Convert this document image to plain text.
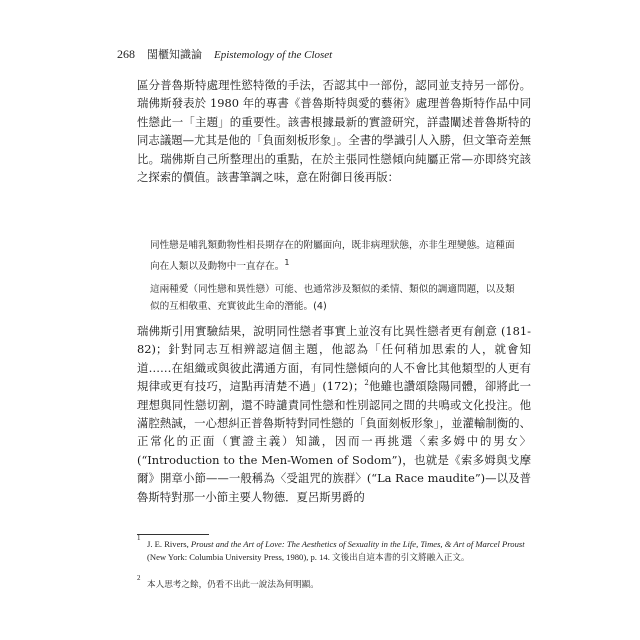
268 閨櫃知識論 Epistemology of the Closet

區分普魯斯特處理性慾特徵的手法，否認其中一部份，認同並支持另一部份。瑞佛斯發表於 1980 年的專書《普魯斯特與愛的藝術》處理普魯斯特作品中同性戀此一「主題」的重要性。該書根據最新的實證研究，詳盡闡述普魯斯特的同志議題—尤其是他的「負面刻板形象」。全書的學識引人入勝，但文筆奇差無比。瑞佛斯自己所整理出的重點，在於主張同性戀傾向純屬正常—亦即終究該之探索的價值。該書筆調之味，意在附御日後再版：

同性戀是哺乳類動物性相長期存在的附屬面向，既非病理狀態，亦非生理變態。這種面向在人類以及動物中一直存在。$^1$
這兩種愛（同性戀和異性戀）可能、也通常涉及類似的柔情、類似的調適問題，以及類似的互相敬重、充實彼此生命的潛能。(4)

瑞佛斯引用實驗結果，說明同性戀者事實上並沒有比異性戀者更有創意 (181-82)；針對同志互相辨認這個主題，他認為「任何稍加思索的人，就會知道……在組織或與彼此溝通方面，有同性戀傾向的人不會比其他類型的人更有規律或更有技巧，這點再清楚不過」(172)；$^2$他雖也讚頌陰陽同體，卻將此一理想與同性戀切割，還不時譴責同性戀和性別認同之間的共鳴或文化投注。他滿腔熱誠，一心想糾正普魯斯特對同性戀的「負面刻板形象」，並灌輸制衡的、正常化的正面（實證主義）知識，因而一再挑選〈索多姆中的男女〉(“Introduction to the Men-Women of Sodom”)，也就是《索多姆與戈摩爾》開章小節——一般稱為〈受詛咒的族群〉(“La Race maudite”)—以及普魯斯特對那一小節主要人物德．夏呂斯男爵的

1
J. E. Rivers, Proust and the Art of Love: The Aesthetics of Sexuality in the Life, Times, & Art of Marcel Proust (New York: Columbia University Press, 1980), p. 14. 文後出自這本書的引文將融入正文。
2
本人思考之餘，仍看不出此一說法為何明顯。
